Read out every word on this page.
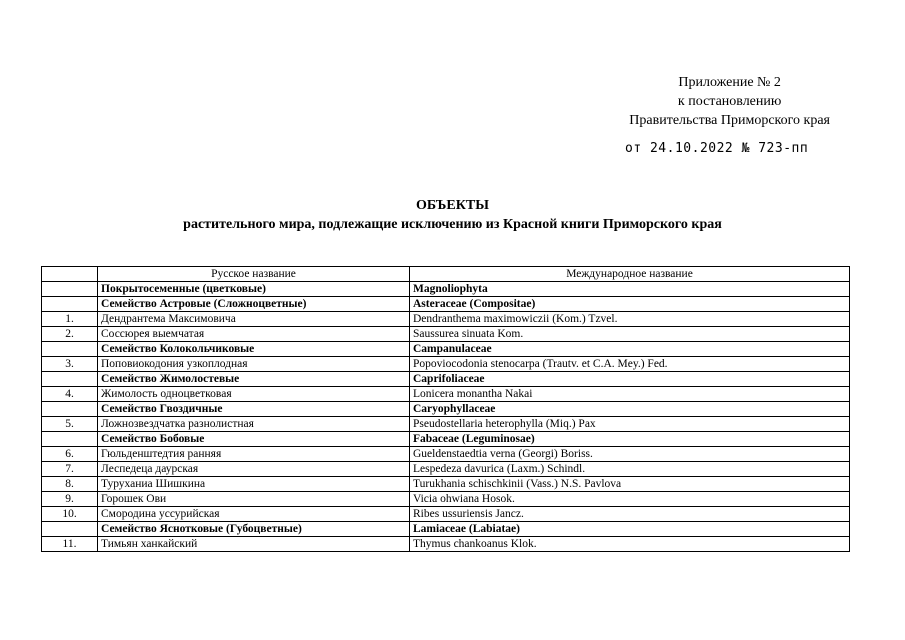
Приложение № 2
к постановлению
Правительства Приморского края
от 24.10.2022 № 723-пп
ОБЪЕКТЫ
растительного мира, подлежащие исключению из Красной книги Приморского края
	Русское название	Международное название
	Покрытосеменные (цветковые)	Magnoliophyta
	Семейство Астровые (Сложноцветные)	Asteraceae (Compositae)
1.	Дендрантема Максимовича	Dendranthema maximowiczii (Kom.) Tzvel.
2.	Соссюрея выемчатая	Saussurea sinuata Kom.
	Семейство Колокольчиковые	Campanulaceae
3.	Поповиокодония узкоплодная	Popoviocodonia stenocarpa (Trautv. et C.A. Mey.) Fed.
	Семейство Жимолостевые	Caprifoliaceae
4.	Жимолость одноцветковая	Lonicera monantha Nakai
	Семейство Гвоздичные	Caryophyllaceae
5.	Ложнозвездчатка разнолистная	Pseudostellaria heterophylla (Miq.) Pax
	Семейство Бобовые	Fabaceae (Leguminosae)
6.	Гюльденштедтия ранняя	Gueldenstaedtia verna (Georgi) Boriss.
7.	Леспедеца даурская	Lespedeza davurica (Laxm.) Schindl.
8.	Туруханиа Шишкина	Turukhania schischkinii (Vass.) N.S. Pavlova
9.	Горошек Ови	Vicia ohwiana Hosok.
10.	Смородина уссурийская	Ribes ussuriensis Jancz.
	Семейство Яснотковые (Губоцветные)	Lamiaceae (Labiatae)
11.	Тимьян ханкайский	Thymus chankoanus Klok.
